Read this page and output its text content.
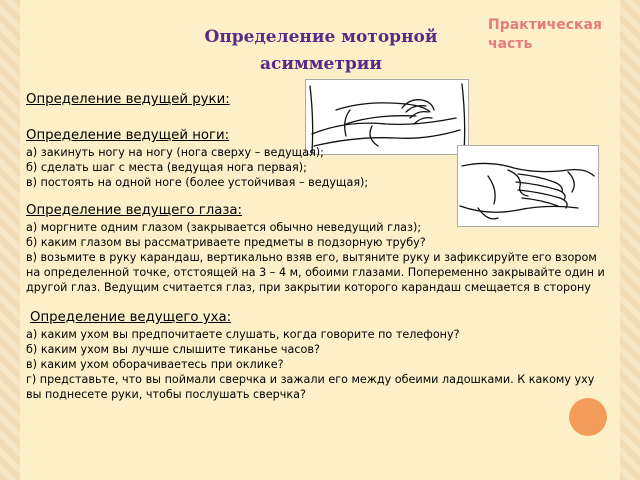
Определение моторной асимметрии
Практическая часть
Определение ведущей руки:
Определение ведущей ноги:
а) закинуть ногу на ногу (нога сверху – ведущая);
б) сделать шаг с места (ведущая нога первая);
в) постоять на одной ноге (более устойчивая – ведущая);
Определение ведущего глаза:
а) моргните одним глазом (закрывается обычно неведущий глаз);
б) каким глазом вы рассматриваете предметы в подзорную трубу?
в) возьмите в руку карандаш, вертикально взяв его, вытяните руку и зафиксируйте его взором
на определенной точке, отстоящей на 3 – 4 м, обоими глазами. Попеременно закрывайте один и
другой глаз. Ведущим считается глаз, при закрытии которого карандаш смещается в сторону
Определение ведущего уха:
а) каким ухом вы предпочитаете слушать, когда говорите по телефону?
б) каким ухом вы лучше слышите тиканье часов?
в) каким ухом оборачиваетесь при оклике?
г) представьте, что вы поймали сверчка и зажали его между обеими ладошками. К какому уху
вы поднесете руки, чтобы послушать сверчка?
